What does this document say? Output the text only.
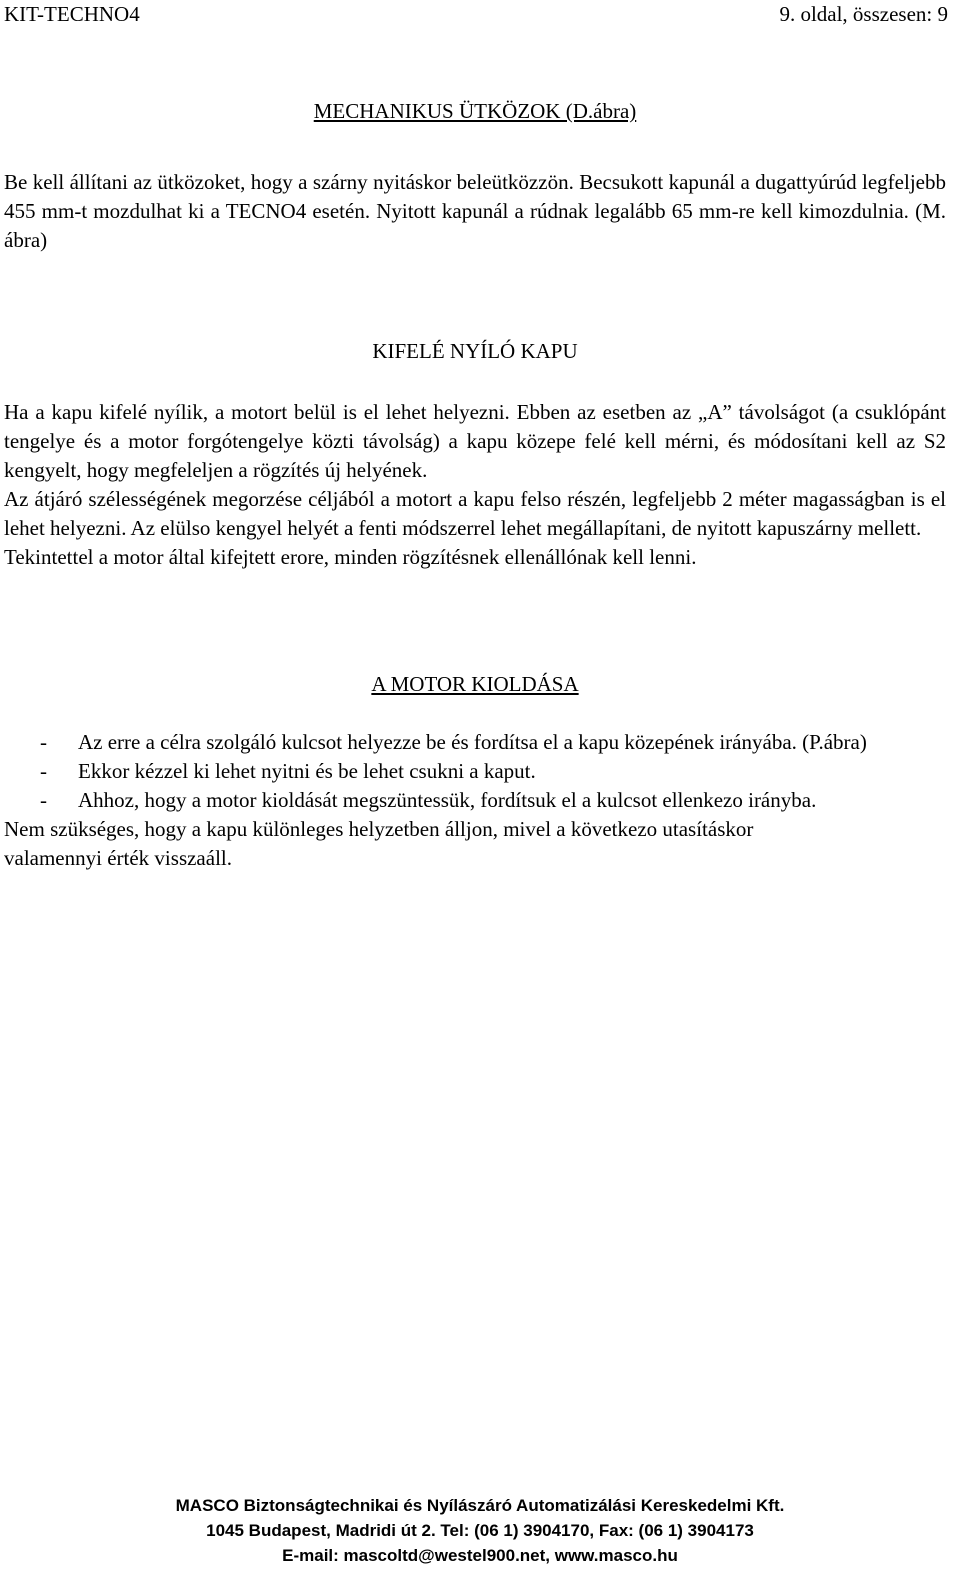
KIT-TECHNO4	9. oldal, összesen: 9
MECHANIKUS ÜTKÖZOK (D.ábra)

Be kell állítani az ütközoket, hogy a szárny nyitáskor beleütközzön. Becsukott kapunál a dugattyúrúd legfeljebb 455 mm-t mozdulhat ki a TECNO4 esetén. Nyitott kapunál a rúdnak legalább 65 mm-re kell kimozdulnia. (M. ábra)

KIFELÉ NYÍLÓ KAPU

Ha a kapu kifelé nyílik, a motort belül is el lehet helyezni. Ebben az esetben az „A” távolságot (a csuklópánt tengelye és a motor forgótengelye közti távolság) a kapu közepe felé kell mérni, és módosítani kell az S2 kengyelt, hogy megfeleljen a rögzítés új helyének.

Az átjáró szélességének megorzése céljából a motort a kapu felso részén, legfeljebb 2 méter magasságban is el lehet helyezni. Az elülso kengyel helyét a fenti módszerrel lehet megállapítani, de nyitott kapuszárny mellett.

Tekintettel a motor által kifejtett erore, minden rögzítésnek ellenállónak kell lenni.

A MOTOR KIOLDÁSA
-	Az erre a célra szolgáló kulcsot helyezze be és fordítsa el a kapu közepének irányába. (P.ábra)
-	Ekkor kézzel ki lehet nyitni és be lehet csukni a kaput.
-	Ahhoz, hogy a motor kioldását megszüntessük, fordítsuk el a kulcsot ellenkezo irányba.

Nem szükséges, hogy a kapu különleges helyzetben álljon, mivel a következo utasításkor

valamennyi érték visszaáll.

MASCO Biztonságtechnikai és Nyílászáró Automatizálási Kereskedelmi Kft.
1045 Budapest, Madridi út 2. Tel: (06 1) 3904170, Fax: (06 1) 3904173
E-mail: mascoltd@westel900.net, www.masco.hu
